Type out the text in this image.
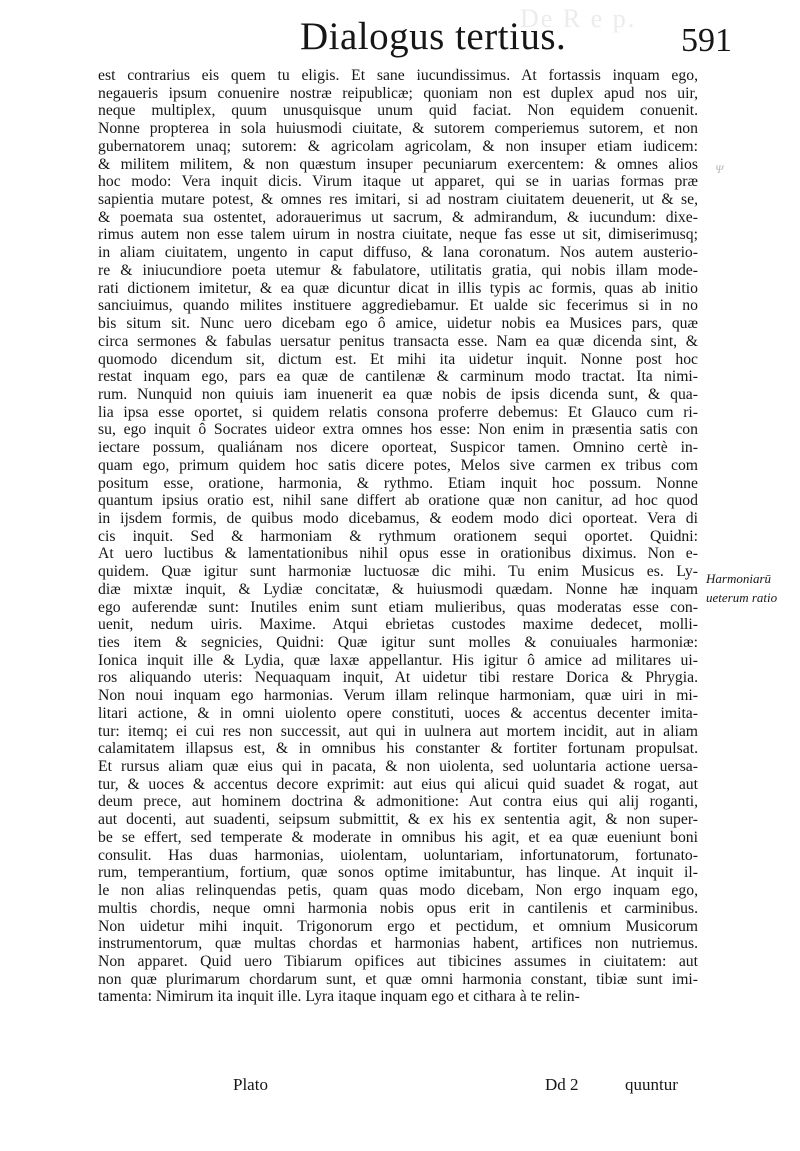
De R e p.
Dialogus tertius.	591
est contrarius eis quem tu eligis. Et sane iucundissimus. At fortassis inquam ego,
negaueris ipsum conuenire nostræ reipublicæ; quoniam non est duplex apud nos uir,
neque multiplex, quum unusquisque unum quid faciat. Non equidem conuenit.
Nonne propterea in sola huiusmodi ciuitate, & sutorem comperiemus sutorem, et non
gubernatorem unaq; sutorem: & agricolam agricolam, & non insuper etiam iudicem:
& militem militem, & non quæstum insuper pecuniarum exercentem: & omnes alios
hoc modo: Vera inquit dicis. Virum itaque ut apparet, qui se in uarias formas præ
sapientia mutare potest, & omnes res imitari, si ad nostram ciuitatem deuenerit, ut & se,
& poemata sua ostentet, adorauerimus ut sacrum, & admirandum, & iucundum: dixe-
rimus autem non esse talem uirum in nostra ciuitate, neque fas esse ut sit, dimiserimusq;
in aliam ciuitatem, ungento in caput diffuso, & lana coronatum. Nos autem austerio-
re & iniucundiore poeta utemur & fabulatore, utilitatis gratia, qui nobis illam mode-
rati dictionem imitetur, & ea quæ dicuntur dicat in illis typis ac formis, quas ab initio
sanciuimus, quando milites instituere aggrediebamur. Et ualde sic fecerimus si in no
bis situm sit. Nunc uero dicebam ego ô amice, uidetur nobis ea Musices pars, quæ
circa sermones & fabulas uersatur penitus transacta esse. Nam ea quæ dicenda sint, &
quomodo dicendum sit, dictum est. Et mihi ita uidetur inquit. Nonne post hoc
restat inquam ego, pars ea quæ de cantilenæ & carminum modo tractat. Ita nimi-
rum. Nunquid non quiuis iam inuenerit ea quæ nobis de ipsis dicenda sunt, & qua-
lia ipsa esse oportet, si quidem relatis consona proferre debemus: Et Glauco cum ri-
su, ego inquit ô Socrates uideor extra omnes hos esse: Non enim in præsentia satis con
iectare possum, qualiánam nos dicere oporteat, Suspicor tamen. Omnino certè in-
quam ego, primum quidem hoc satis dicere potes, Melos sive carmen ex tribus com
positum esse, oratione, harmonia, & rythmo. Etiam inquit hoc possum. Nonne
quantum ipsius oratio est, nihil sane differt ab oratione quæ non canitur, ad hoc quod
in ijsdem formis, de quibus modo dicebamus, & eodem modo dici oporteat. Vera di
cis inquit. Sed & harmoniam & rythmum orationem sequi oportet. Quidni:
At uero luctibus & lamentationibus nihil opus esse in orationibus diximus. Non e-
quidem. Quæ igitur sunt harmoniæ luctuosæ dic mihi. Tu enim Musicus es. Ly-
diæ mixtæ inquit, & Lydiæ concitatæ, & huiusmodi quædam. Nonne hæ inquam
ego auferendæ sunt: Inutiles enim sunt etiam mulieribus, quas moderatas esse con-
uenit, nedum uiris. Maxime. Atqui ebrietas custodes maxime dedecet, molli-
ties item & segnicies, Quidni: Quæ igitur sunt molles & conuiuales harmoniæ:
Ionica inquit ille & Lydia, quæ laxæ appellantur. His igitur ô amice ad militares ui-
ros aliquando uteris: Nequaquam inquit, At uidetur tibi restare Dorica & Phrygia.
Non noui inquam ego harmonias. Verum illam relinque harmoniam, quæ uiri in mi-
litari actione, & in omni uiolento opere constituti, uoces & accentus decenter imita-
tur: itemq; ei cui res non successit, aut qui in uulnera aut mortem incidit, aut in aliam
calamitatem illapsus est, & in omnibus his constanter & fortiter fortunam propulsat.
Et rursus aliam quæ eius qui in pacata, & non uiolenta, sed uoluntaria actione uersa-
tur, & uoces & accentus decore exprimit: aut eius qui alicui quid suadet & rogat, aut
deum prece, aut hominem doctrina & admonitione: Aut contra eius qui alij roganti,
aut docenti, aut suadenti, seipsum submittit, & ex his ex sententia agit, & non super-
be se effert, sed temperate & moderate in omnibus his agit, et ea quæ eueniunt boni
consulit. Has duas harmonias, uiolentam, uoluntariam, infortunatorum, fortunato-
rum, temperantium, fortium, quæ sonos optime imitabuntur, has linque. At inquit il-
le non alias relinquendas petis, quam quas modo dicebam, Non ergo inquam ego,
multis chordis, neque omni harmonia nobis opus erit in cantilenis et carminibus.
Non uidetur mihi inquit. Trigonorum ergo et pectidum, et omnium Musicorum
instrumentorum, quæ multas chordas et harmonias habent, artifices non nutriemus.
Non apparet. Quid uero Tibiarum opifices aut tibicines assumes in ciuitatem: aut
non quæ plurimarum chordarum sunt, et quæ omni harmonia constant, tibiæ sunt imi-
tamenta: Nimirum ita inquit ille. Lyra itaque inquam ego et cithara à te relin-
Ψ
Harmoniarū
ueterum ratio
Plato	Dd 2	quuntur
